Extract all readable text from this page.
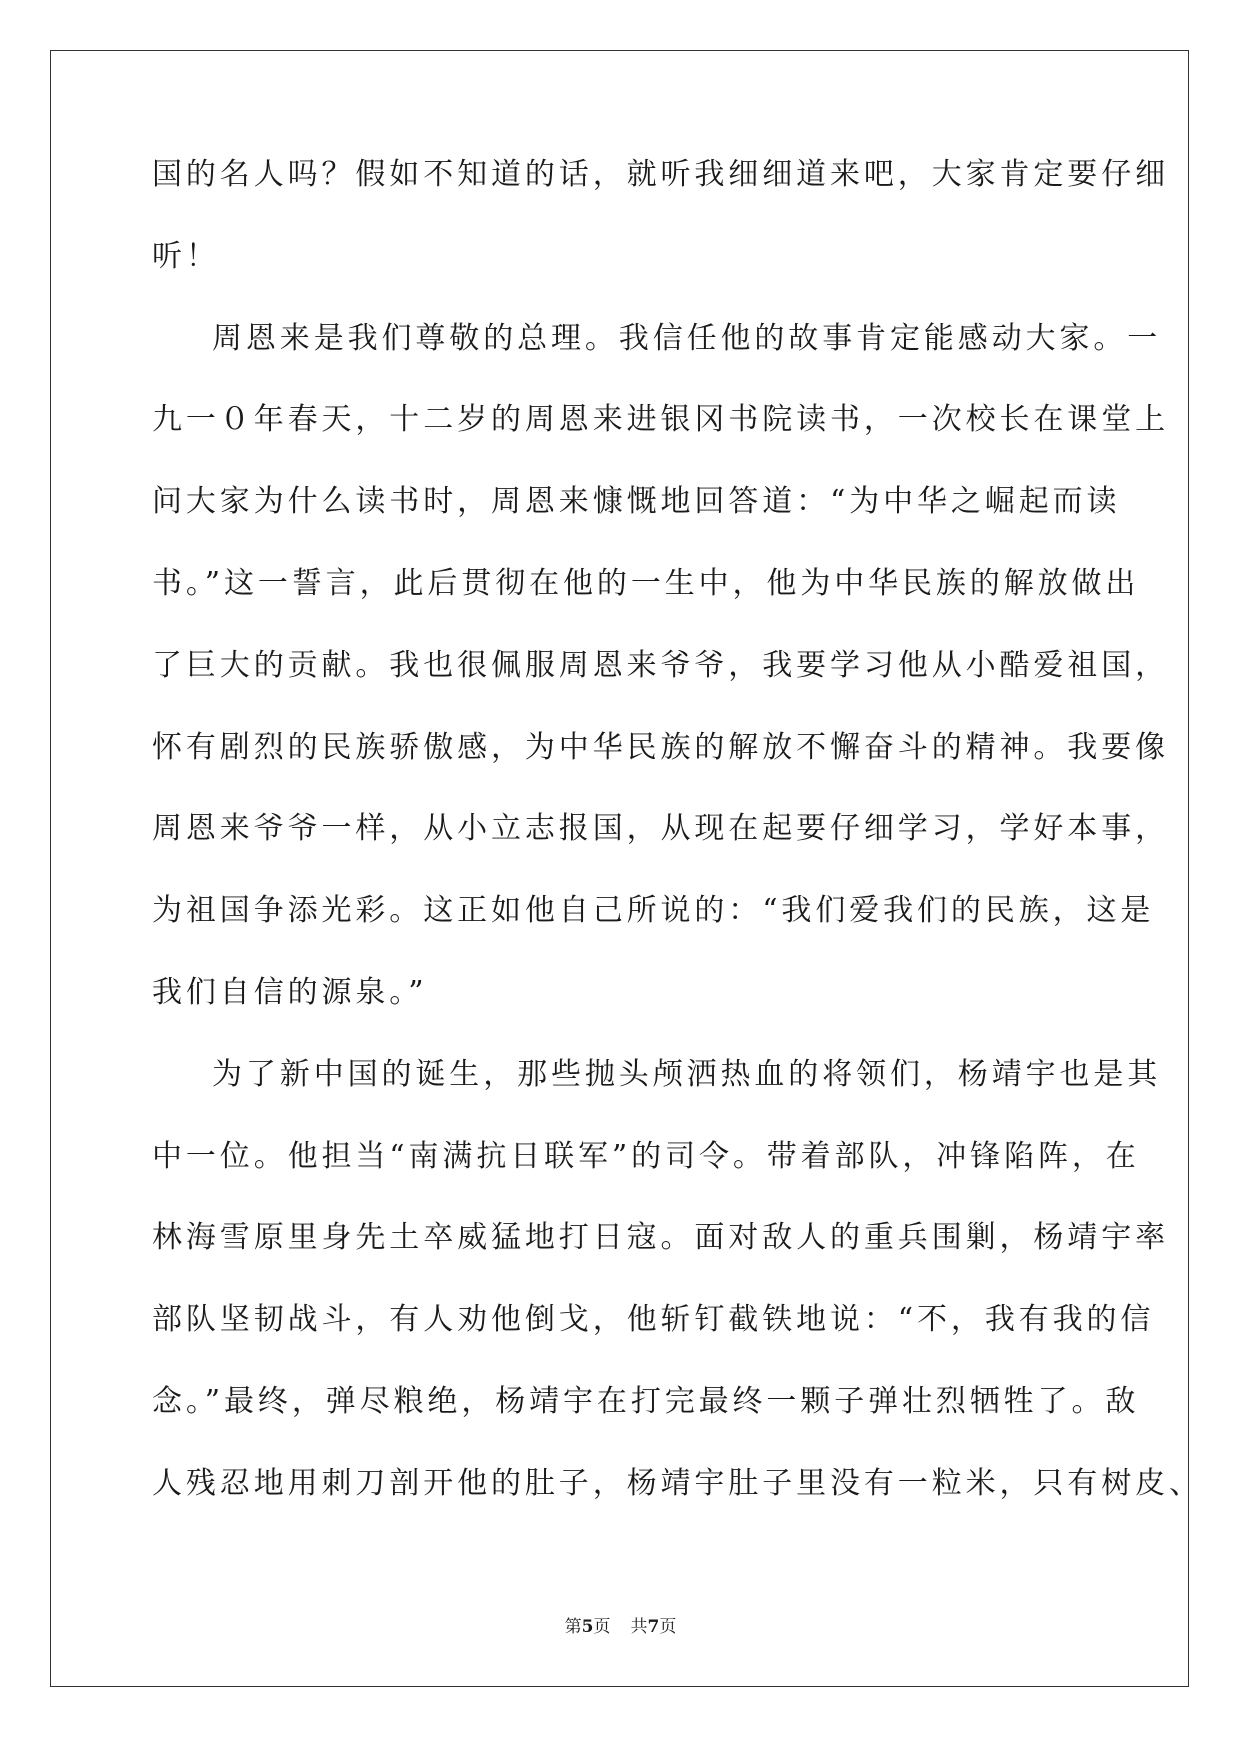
国的名人吗？假如不知道的话，就听我细细道来吧，大家肯定要仔细
听！
周恩来是我们尊敬的总理。我信任他的故事肯定能感动大家。一
九一０年春天，十二岁的周恩来进银冈书院读书，一次校长在课堂上
问大家为什么读书时，周恩来慷慨地回答道：“为中华之崛起而读
书。”这一誓言，此后贯彻在他的一生中，他为中华民族的解放做出
了巨大的贡献。我也很佩服周恩来爷爷，我要学习他从小酷爱祖国，
怀有剧烈的民族骄傲感，为中华民族的解放不懈奋斗的精神。我要像
周恩来爷爷一样，从小立志报国，从现在起要仔细学习，学好本事，
为祖国争添光彩。这正如他自己所说的：“我们爱我们的民族，这是
我们自信的源泉。”
为了新中国的诞生，那些抛头颅洒热血的将领们，杨靖宇也是其
中一位。他担当“南满抗日联军”的司令。带着部队，冲锋陷阵，在
林海雪原里身先土卒威猛地打日寇。面对敌人的重兵围剿，杨靖宇率
部队坚韧战斗，有人劝他倒戈，他斩钉截铁地说：“不，我有我的信
念。”最终，弹尽粮绝，杨靖宇在打完最终一颗子弹壮烈牺牲了。敌
人残忍地用刺刀剖开他的肚子，杨靖宇肚子里没有一粒米，只有树皮、
第5页 共7页
